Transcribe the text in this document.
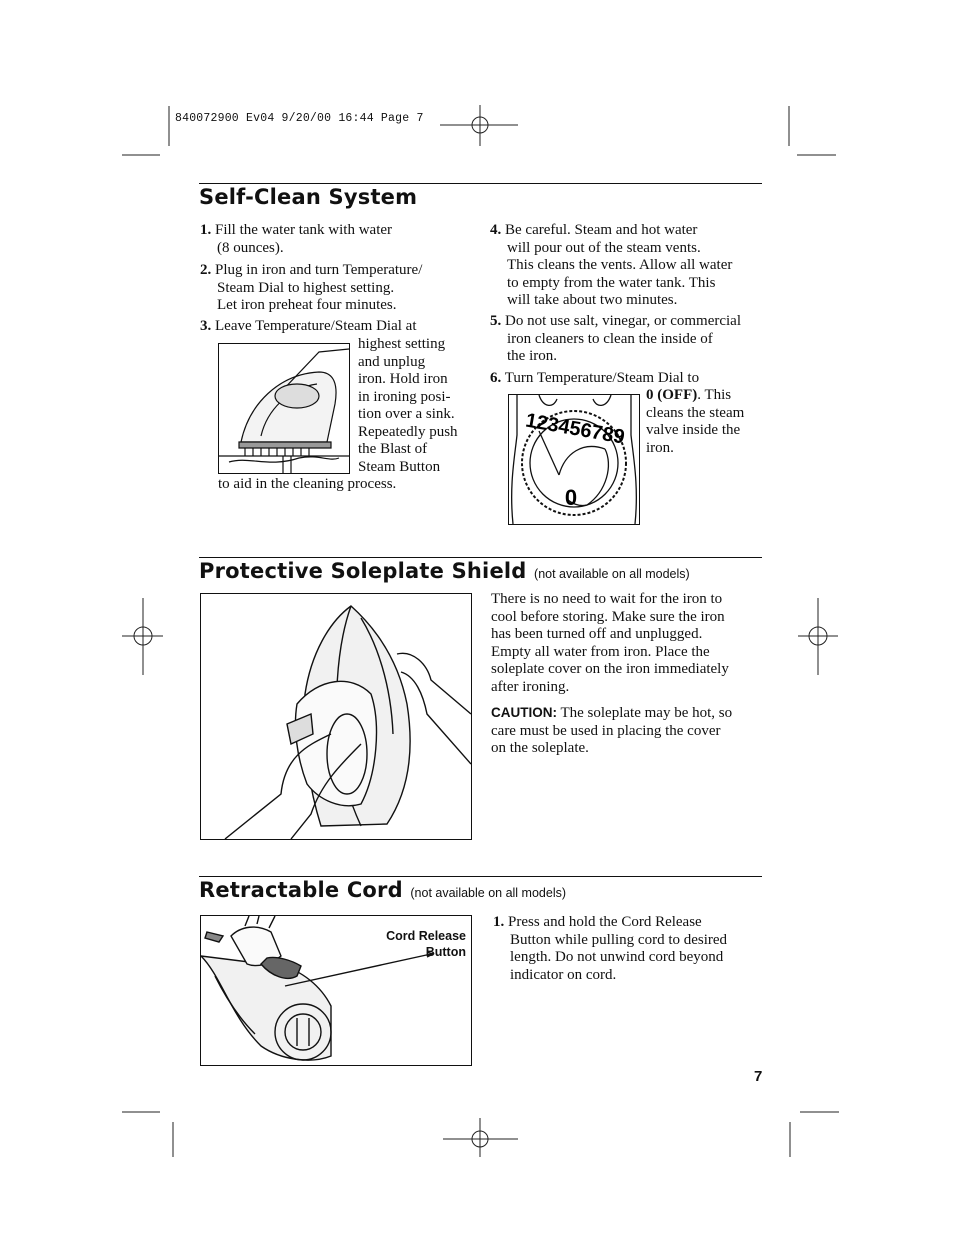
840072900 Ev04 9/20/00 16:44 Page 7
Self-Clean System
1. Fill the water tank with water
(8 ounces).
2. Plug in iron and turn Temperature/
Steam Dial to highest setting.
Let iron preheat four minutes.
3. Leave Temperature/Steam Dial at
highest setting
and unplug
iron. Hold iron
in ironing posi-
tion over a sink.
Repeatedly push
the Blast of
Steam Button
to aid in the cleaning process.
4. Be careful. Steam and hot water
will pour out of the steam vents.
This cleans the vents. Allow all water
to empty from the water tank. This
will take about two minutes.
5. Do not use salt, vinegar, or commercial
iron cleaners to clean the inside of
the iron.
6. Turn Temperature/Steam Dial to
0 (OFF). This
cleans the steam
valve inside the
iron.
123456789
0
Protective Soleplate Shield (not available on all models)
There is no need to wait for the iron to
cool before storing. Make sure the iron
has been turned off and unplugged.
Empty all water from iron. Place the
soleplate cover on the iron immediately
after ironing.
CAUTION: The soleplate may be hot, so
care must be used in placing the cover
on the soleplate.
Retractable Cord (not available on all models)
Cord Release
Button
1. Press and hold the Cord Release
Button while pulling cord to desired
length. Do not unwind cord beyond
indicator on cord.
7
